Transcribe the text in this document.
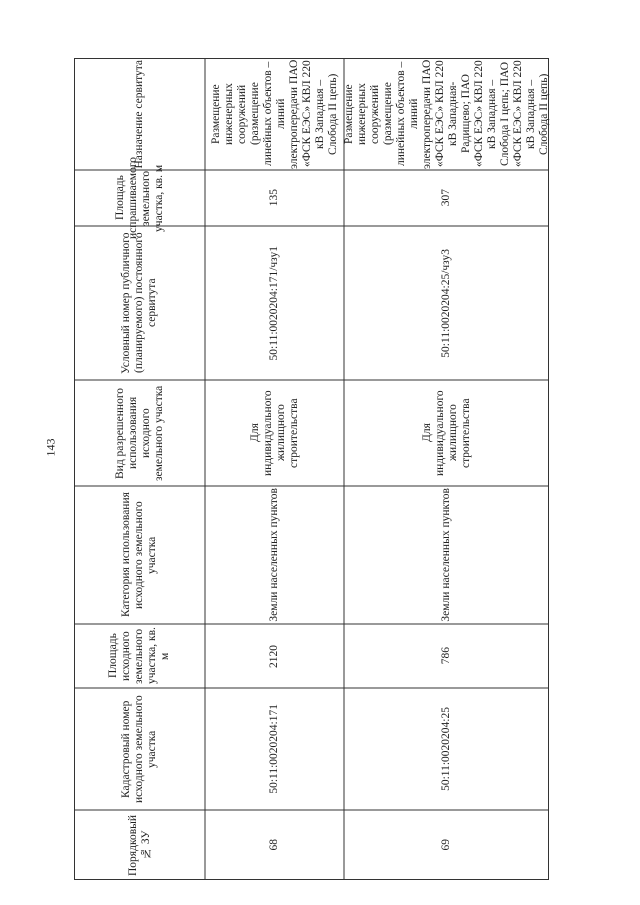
143
Назначение сервитута
Площадь испрашиваемого земельного участка, кв. м
Условный номер публичного (планируемого) постоянного сервитута
Вид разрешенного использования исходного земельного участка
Категория использования исходного земельного участка
Площадь исходного земельного участка, кв. м
Кадастровый номер исходного земельного участка
Порядковый № ЗУ
Размещение инженерных сооружений (размещение линейных объектов – линий электропередачи ПАО «ФСК ЕЭС» КВЛ 220 кВ Западная – Слобода II цепь)
135
50:11:0020204:171/чзу1
Для индивидуального жилищного строительства
Земли населенных пунктов
2120
50:11:0020204:171
68
Размещение инженерных сооружений (размещение линейных объектов – линий электропередачи ПАО «ФСК ЕЭС» КВЛ 220 кВ Западная-Радищево; ПАО «ФСК ЕЭС» КВЛ 220 кВ Западная – Слобода I цепь; ПАО «ФСК ЕЭС» КВЛ 220 кВ Западная – Слобода II цепь)
307
50:11:0020204:25/чзу3
Для индивидуального жилищного строительства
Земли населенных пунктов
786
50:11:0020204:25
69
